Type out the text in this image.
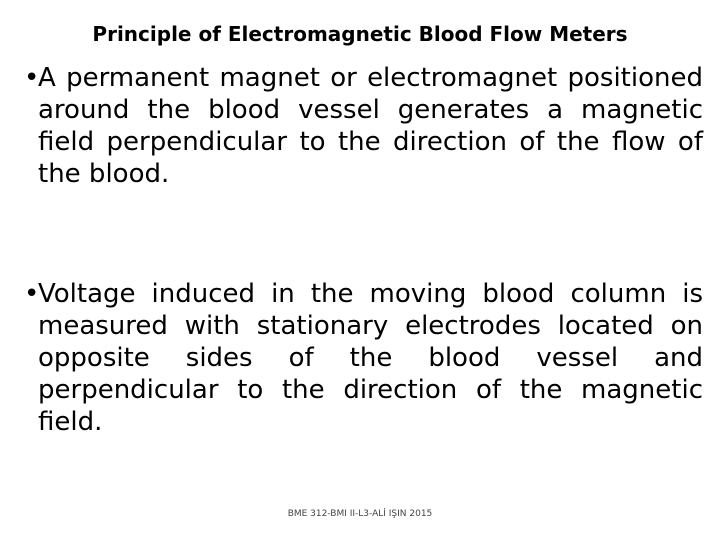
Principle of Electromagnetic Blood Flow Meters
•
A permanent magnet or electromagnet positioned around the blood vessel generates a magnetic field perpendicular to the direction of the flow of the blood.
•
Voltage induced in the moving blood column is measured with stationary electrodes located on opposite sides of the blood vessel and perpendicular to the direction of the magnetic field.
BME 312-BMI II-L3-ALİ IŞIN 2015
